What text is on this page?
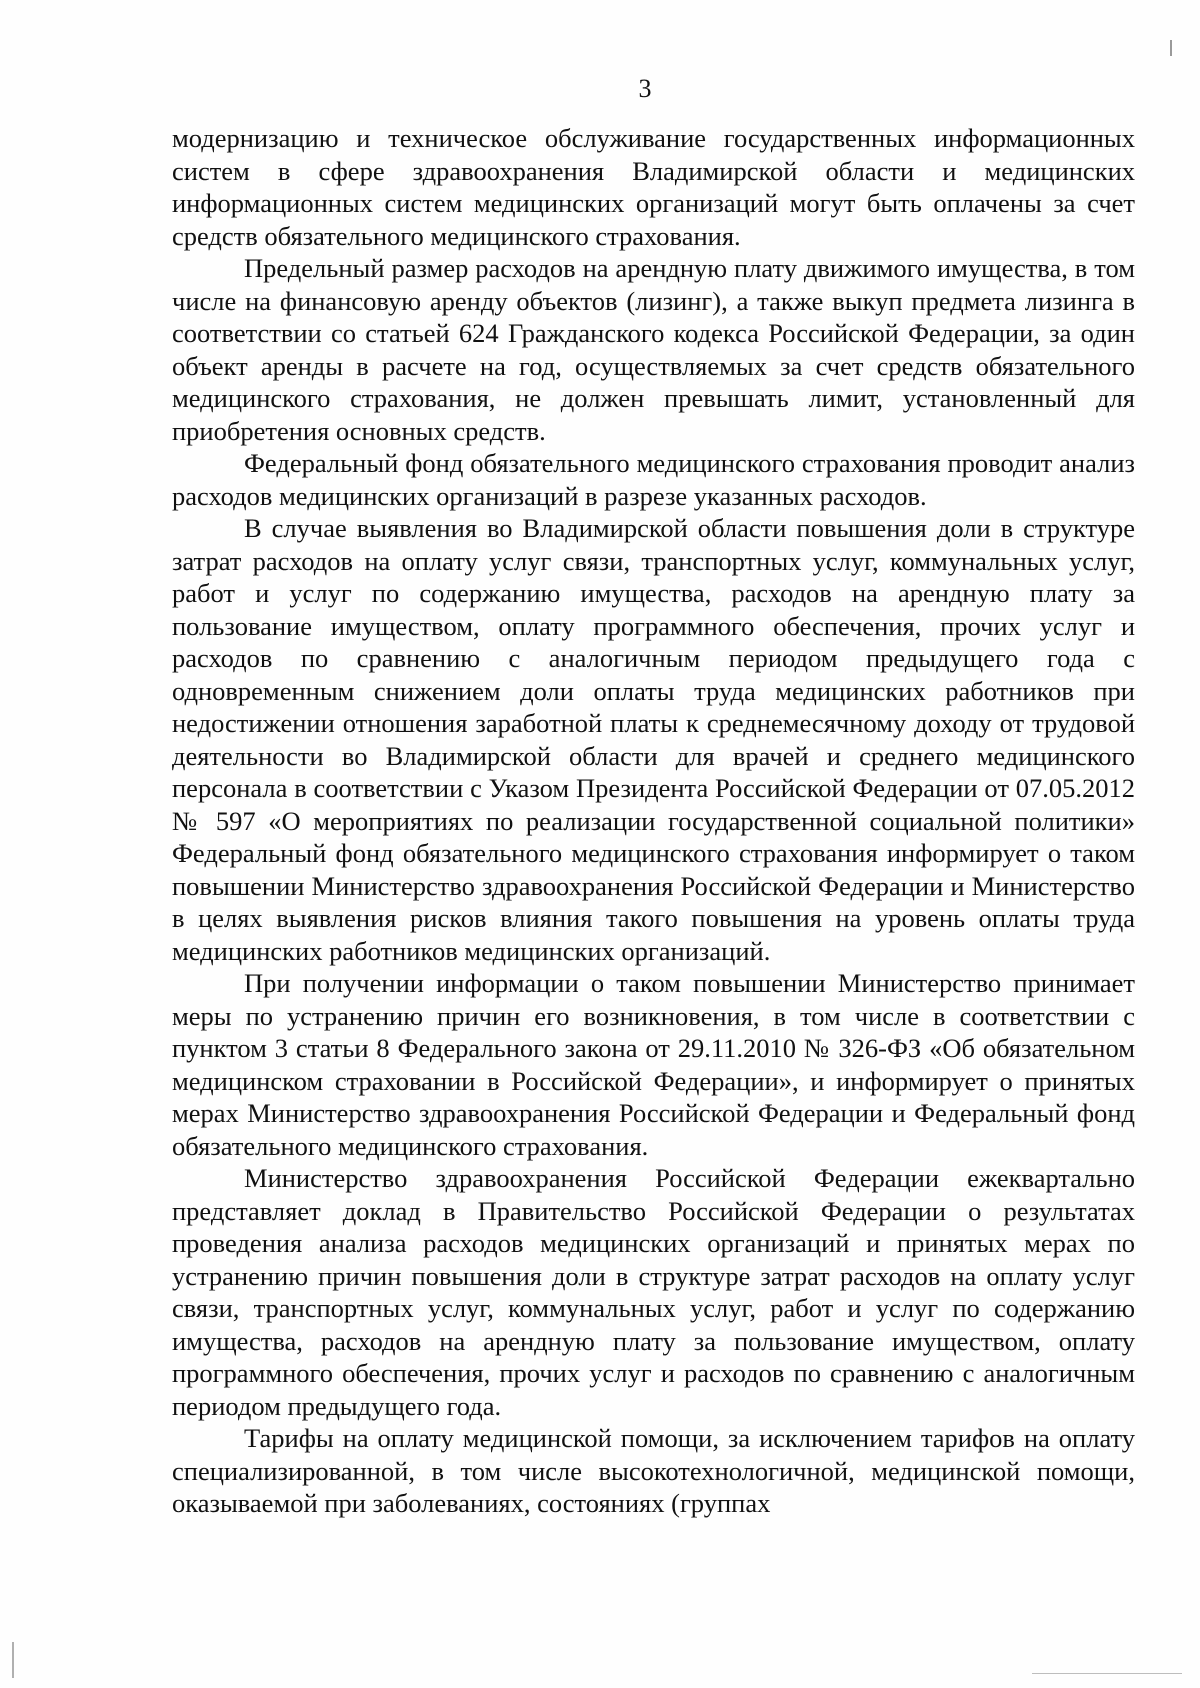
3

модернизацию и техническое обслуживание государственных информационных систем в сфере здравоохранения Владимирской области и медицинских информационных систем медицинских организаций могут быть оплачены за счет средств обязательного медицинского страхования.

Предельный размер расходов на арендную плату движимого имущества, в том числе на финансовую аренду объектов (лизинг), а также выкуп предмета лизинга в соответствии со статьей 624 Гражданского кодекса Российской Федерации, за один объект аренды в расчете на год, осуществляемых за счет средств обязательного медицинского страхования, не должен превышать лимит, установленный для приобретения основных средств.

Федеральный фонд обязательного медицинского страхования проводит анализ расходов медицинских организаций в разрезе указанных расходов.

В случае выявления во Владимирской области повышения доли в структуре затрат расходов на оплату услуг связи, транспортных услуг, коммунальных услуг, работ и услуг по содержанию имущества, расходов на арендную плату за пользование имуществом, оплату программного обеспечения, прочих услуг и расходов по сравнению с аналогичным периодом предыдущего года с одновременным снижением доли оплаты труда медицинских работников при недостижении отношения заработной платы к среднемесячному доходу от трудовой деятельности во Владимирской области для врачей и среднего медицинского персонала в соответствии с Указом Президента Российской Федерации от 07.05.2012 № 597 «О мероприятиях по реализации государственной социальной политики» Федеральный фонд обязательного медицинского страхования информирует о таком повышении Министерство здравоохранения Российской Федерации и Министерство в целях выявления рисков влияния такого повышения на уровень оплаты труда медицинских работников медицинских организаций.

При получении информации о таком повышении Министерство принимает меры по устранению причин его возникновения, в том числе в соответствии с пунктом 3 статьи 8 Федерального закона от 29.11.2010 № 326-ФЗ «Об обязательном медицинском страховании в Российской Федерации», и информирует о принятых мерах Министерство здравоохранения Российской Федерации и Федеральный фонд обязательного медицинского страхования.

Министерство здравоохранения Российской Федерации ежеквартально представляет доклад в Правительство Российской Федерации о результатах проведения анализа расходов медицинских организаций и принятых мерах по устранению причин повышения доли в структуре затрат расходов на оплату услуг связи, транспортных услуг, коммунальных услуг, работ и услуг по содержанию имущества, расходов на арендную плату за пользование имуществом, оплату программного обеспечения, прочих услуг и расходов по сравнению с аналогичным периодом предыдущего года.

Тарифы на оплату медицинской помощи, за исключением тарифов на оплату специализированной, в том числе высокотехнологичной, медицинской помощи, оказываемой при заболеваниях, состояниях (группах
